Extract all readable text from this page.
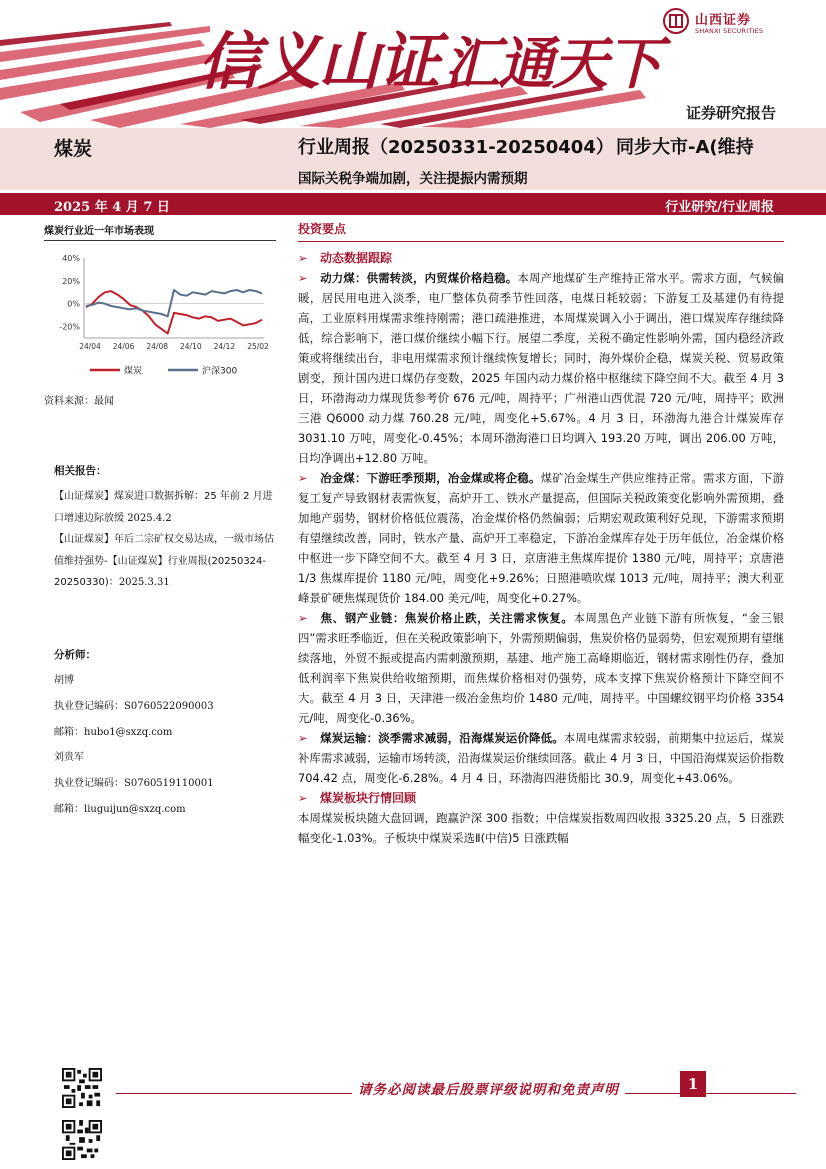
信义山证 汇通天下
山西证券
SHANXI SECURITIES
证券研究报告
煤炭	行业周报（20250331-20250404） 同步大市-A(维持
国际关税争端加剧，关注提振内需预期
2025 年 4 月 7 日	行业研究/行业周报
煤炭行业近一年市场表现
40%
20%
0%
-20%
24/04 24/06 24/08 24/10 24/12 25/02
煤炭	沪深300
资料来源：最闻
相关报告：
【山证煤炭】煤炭进口数据拆解：25 年前 2 月进口增速边际放缓 2025.4.2
【山证煤炭】年后二宗矿权交易达成，一级市场估值维持强势-【山证煤炭】行业周报(20250324-20250330)：2025.3.31
分析师：
胡博
执业登记编码：S0760522090003
邮箱：hubo1@sxzq.com
刘贵军
执业登记编码：S0760519110001
邮箱：liuguijun@sxzq.com
投资要点
➢ 动态数据跟踪
➢ 动力煤：供需转淡，内贸煤价格趋稳。本周产地煤矿生产维持正常水平。需求方面，气候偏暖，居民用电进入淡季，电厂整体负荷季节性回落，电煤日耗较弱；下游复工及基建仍有待提高，工业原料用煤需求维持刚需；港口疏港推进，本周煤炭调入小于调出，港口煤炭库存继续降低，综合影响下，港口煤价继续小幅下行。展望二季度，关税不确定性影响外需，国内稳经济政策或将继续出台，非电用煤需求预计继续恢复增长；同时，海外煤价企稳，煤炭关税、贸易政策剧变，预计国内进口煤仍存变数，2025 年国内动力煤价格中枢继续下降空间不大。截至 4 月 3 日，环渤海动力煤现货参考价 676 元/吨，周持平；广州港山西优混 720 元/吨，周持平；欧洲三港 Q6000 动力煤 760.28 元/吨，周变化+5.67%。4 月 3 日，环渤海九港合计煤炭库存 3031.10 万吨，周变化-0.45%；本周环渤海港口日均调入 193.20 万吨，调出 206.00 万吨，日均净调出+12.80 万吨。
➢ 冶金煤：下游旺季预期，冶金煤或将企稳。煤矿冶金煤生产供应维持正常。需求方面，下游复工复产导致钢材表需恢复，高炉开工、铁水产量提高，但国际关税政策变化影响外需预期，叠加地产弱势，钢材价格低位震荡，冶金煤价格仍然偏弱；后期宏观政策利好兑现，下游需求预期有望继续改善，同时，铁水产量、高炉开工率稳定，下游冶金煤库存处于历年低位，冶金煤价格中枢进一步下降空间不大。截至 4 月 3 日，京唐港主焦煤库提价 1380 元/吨，周持平；京唐港 1/3 焦煤库提价 1180 元/吨，周变化+9.26%；日照港喷吹煤 1013 元/吨，周持平；澳大利亚峰景矿硬焦煤现货价 184.00 美元/吨，周变化+0.27%。
➢ 焦、钢产业链：焦炭价格止跌，关注需求恢复。本周黑色产业链下游有所恢复，“金三银四”需求旺季临近，但在关税政策影响下，外需预期偏弱，焦炭价格仍显弱势，但宏观预期有望继续落地，外贸不振或提高内需刺激预期，基建、地产施工高峰期临近，钢材需求刚性仍存，叠加低利润率下焦炭供给收缩预期，而焦煤价格相对仍强势，成本支撑下焦炭价格预计下降空间不大。截至 4 月 3 日，天津港一级冶金焦均价 1480 元/吨，周持平。中国螺纹钢平均价格 3354 元/吨，周变化-0.36%。
➢ 煤炭运输：淡季需求减弱，沿海煤炭运价降低。本周电煤需求较弱，前期集中拉运后，煤炭补库需求减弱，运输市场转淡，沿海煤炭运价继续回落。截止 4 月 3 日，中国沿海煤炭运价指数 704.42 点，周变化-6.28%。4 月 4 日，环渤海四港货船比 30.9，周变化+43.06%。
➢ 煤炭板块行情回顾
本周煤炭板块随大盘回调，跑赢沪深 300 指数；中信煤炭指数周四收报 3325.20 点，5 日涨跌幅变化-1.03%。子板块中煤炭采选Ⅱ(中信)5 日涨跌幅
请务必阅读最后股票评级说明和免责声明	1
